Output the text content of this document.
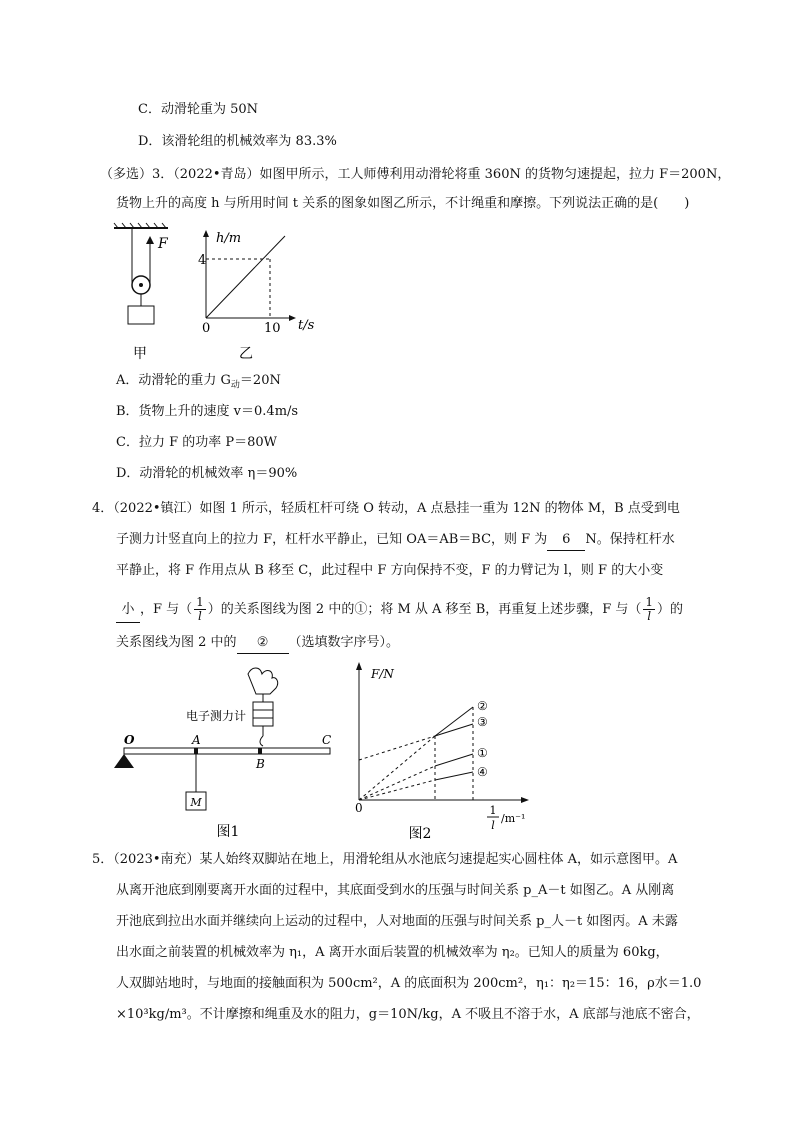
C．动滑轮重为 50N
D．该滑轮组的机械效率为 83.3%
（多选）3．（2022•青岛）如图甲所示，工人师傅利用动滑轮将重 360N 的货物匀速提起，拉力 F＝200N，
货物上升的高度 h 与所用时间 t 关系的图象如图乙所示，不计绳重和摩擦。下列说法正确的是(　　)
F
甲
h/m
t/s
4
10
0
乙
A．动滑轮的重力 $G_动=20N$
B．货物上升的速度 v＝0.4m/s
C．拉力 F 的功率 P＝80W
D．动滑轮的机械效率 η＝90%
4．（2022•镇江）如图 1 所示，轻质杠杆可绕 O 转动，A 点悬挂一重为 12N 的物体 M，B 点受到电
子测力计竖直向上的拉力 F，杠杆水平静止，已知 OA＝AB＝BC，则 F 为 6 N。保持杠杆水
平静止，将 F 作用点从 B 移至 C，此过程中 F 方向保持不变，F 的力臂记为 l，则 F 的大小变
小 ，F 与（ $\frac{1}{l}$ ）的关系图线为图 2 中的①；将 M 从 A 移至 B，再重复上述步骤，F 与（ $\frac{1}{l}$ ）的
关系图线为图 2 中的 ② （选填数字序号）。
电子测力计
M
O	A
B
C
图1
F/N
0	1
l
/m⁻¹
②
③
①
④
图2
5．（2023•南充）某人始终双脚站在地上，用滑轮组从水池底匀速提起实心圆柱体 A，如示意图甲。A
从离开池底到刚要离开水面的过程中，其底面受到水的压强与时间关系 p_A－t 如图乙。A 从刚离
开池底到拉出水面并继续向上运动的过程中，人对地面的压强与时间关系 p_人－t 如图丙。A 未露
出水面之前装置的机械效率为 η₁，A 离开水面后装置的机械效率为 η₂。已知人的质量为 60kg，
人双脚站地时，与地面的接触面积为 500cm²，A 的底面积为 200cm²，η₁：η₂＝15：16，ρ水＝1.0
×10³kg/m³。不计摩擦和绳重及水的阻力，g＝10N/kg，A 不吸且不溶于水，A 底部与池底不密合，
